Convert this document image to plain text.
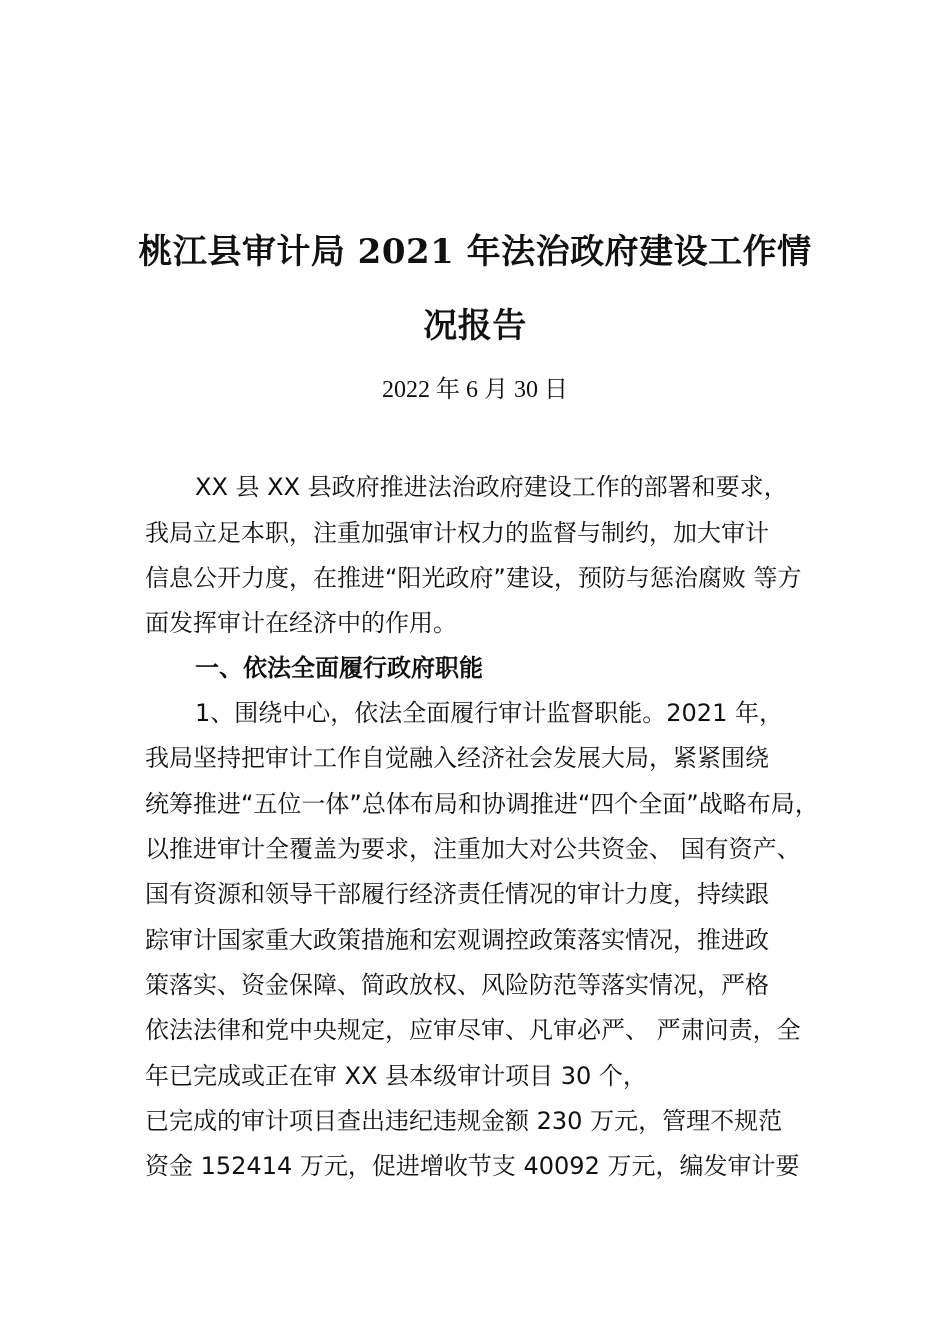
桃江县审计局 2021 年法治政府建设工作情
况报告
2022 年 6 月 30 日
XX 县 XX 县政府推进法治政府建设工作的部署和要求，
我局立足本职，注重加强审计权力的监督与制约，加大审计
信息公开力度，在推进“阳光政府”建设，预防与惩治腐败 等方
面发挥审计在经济中的作用。
一、依法全面履行政府职能
1、围绕中心，依法全面履行审计监督职能。2021 年，
我局坚持把审计工作自觉融入经济社会发展大局，紧紧围绕
统筹推进“五位一体”总体布局和协调推进“四个全面”战略布局，
以推进审计全覆盖为要求，注重加大对公共资金、 国有资产、
国有资源和领导干部履行经济责任情况的审计力度，持续跟
踪审计国家重大政策措施和宏观调控政策落实情况，推进政
策落实、资金保障、简政放权、风险防范等落实情况，严格
依法法律和党中央规定，应审尽审、凡审必严、 严肃问责，全
年已完成或正在审 XX 县本级审计项目 30 个，
已完成的审计项目查出违纪违规金额 230 万元，管理不规范
资金 152414 万元，促进增收节支 40092 万元，编发审计要
